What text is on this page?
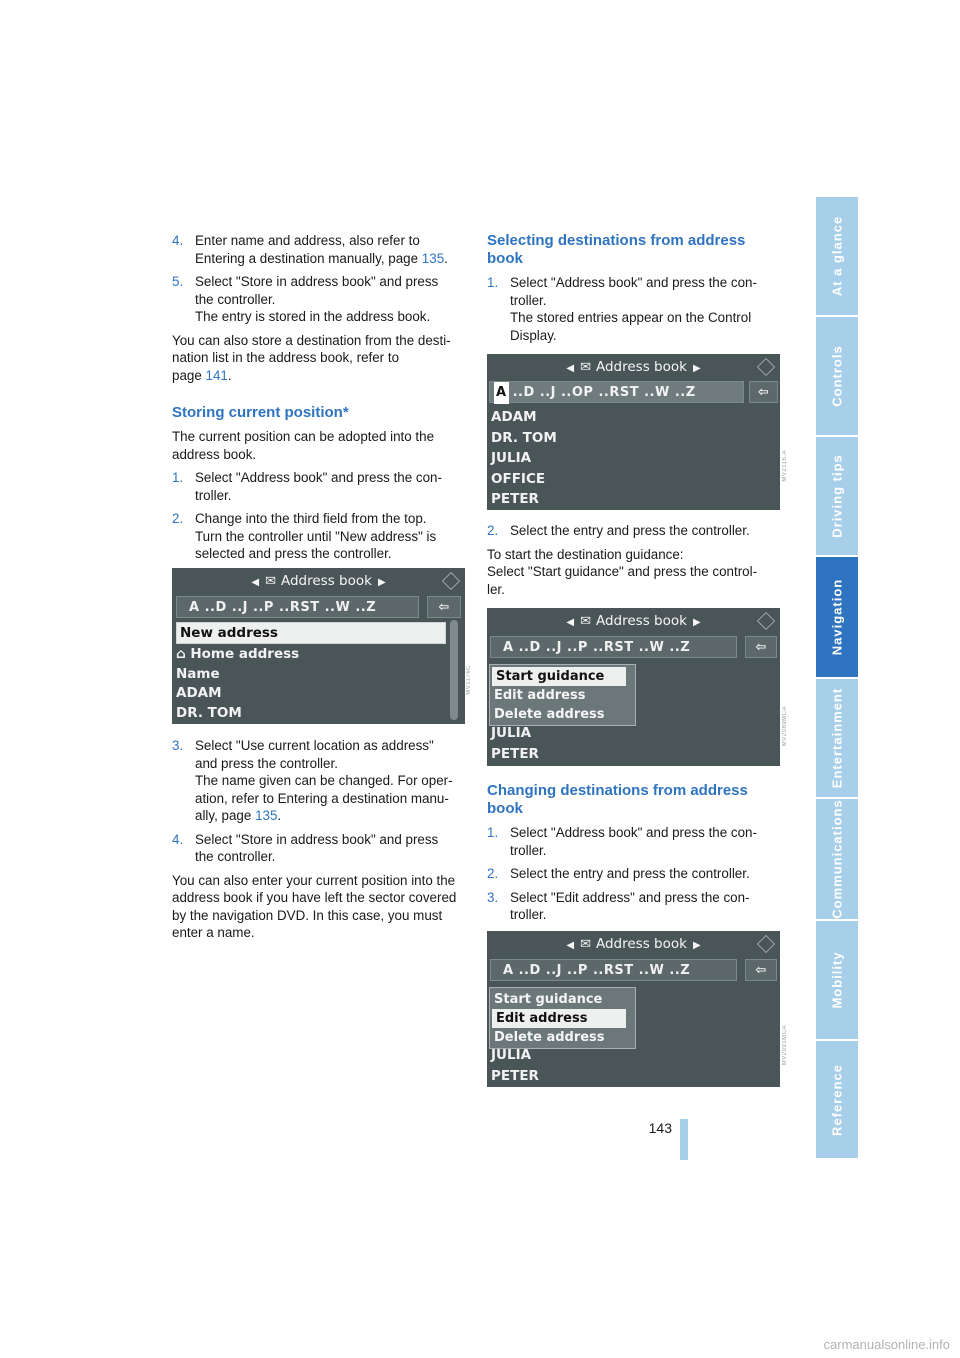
4. Enter name and address, also refer to
Entering a destination manually, page 135.
5. Select "Store in address book" and press
the controller.
The entry is stored in the address book.

You can also store a destination from the desti-
nation list in the address book, refer to
page 141.

Storing current position*

The current position can be adopted into the
address book.

1. Select "Address book" and press the con-
troller.
2. Change into the third field from the top.
Turn the controller until "New address" is
selected and press the controller.
3. Select "Use current location as address"
and press the controller.
The name given can be changed. For oper-
ation, refer to Entering a destination manu-
ally, page 135.
4. Select "Store in address book" and press
the controller.

You can also enter your current position into the
address book if you have left the sector covered
by the navigation DVD. In this case, you must
enter a name.

◀ ✉ Address book ▶
A ..D ..J ..P ..RST ..W ..Z	⇦
New address
⌂ Home address
Name
ADAM
DR. TOM
MV1176C
Selecting destinations from address
book
1. Select "Address book" and press the con-
troller.
The stored entries appear on the Control
Display.
◀ ✉ Address book ▶
A ..D ..J ..OP ..RST ..W ..Z	⇦
ADAM
DR. TOM
JULIA
OFFICE
PETER
MV2116.A
2. Select the entry and press the controller.

To start the destination guidance:
Select "Start guidance" and press the control-
ler.

◀ ✉ Address book ▶
A ..D ..J ..P ..RST ..W ..Z	⇦
Start guidance
Edit address
Delete address
JULIA
PETER
MV2089MCA
Changing destinations from address
book
1. Select "Address book" and press the con-
troller.
2. Select the entry and press the controller.
3. Select "Edit address" and press the con-
troller.
◀ ✉ Address book ▶
A ..D ..J ..P ..RST ..W ..Z	⇦
Start guidance
Edit address
Delete address
JULIA
PETER
MV2091MCA
At a glance
Controls
Driving tips
Navigation
Entertainment
Communications
Mobility
Reference
143
carmanualsonline.info
